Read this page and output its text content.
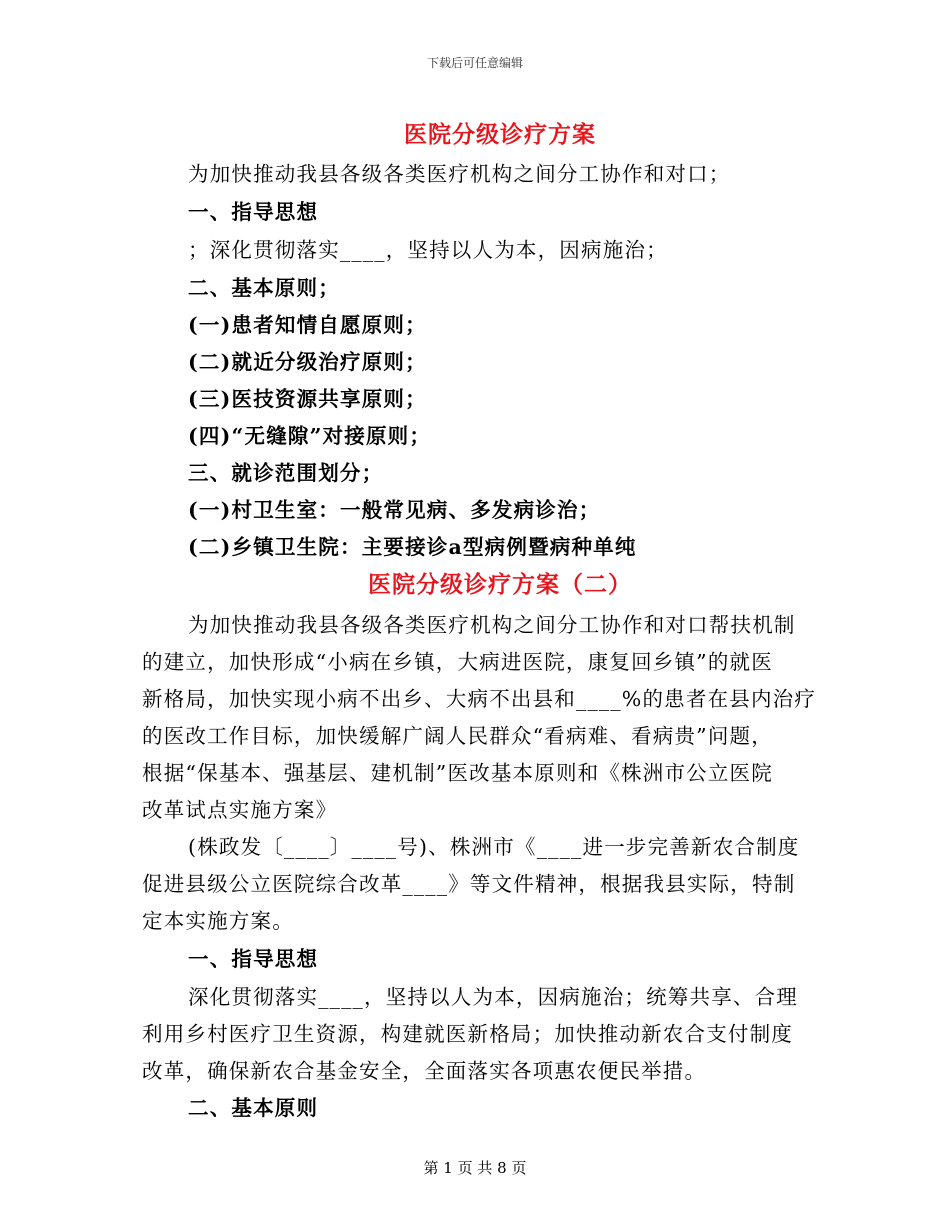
下载后可任意编辑
医院分级诊疗方案
为加快推动我县各级各类医疗机构之间分工协作和对口；
一、指导思想
；深化贯彻落实____，坚持以人为本，因病施治；
二、基本原则；
(一)患者知情自愿原则；
(二)就近分级治疗原则；
(三)医技资源共享原则；
(四)“无缝隙”对接原则；
三、就诊范围划分；
(一)村卫生室：一般常见病、多发病诊治；
(二)乡镇卫生院：主要接诊a型病例暨病种单纯
医院分级诊疗方案（二）
为加快推动我县各级各类医疗机构之间分工协作和对口帮扶机制
的建立，加快形成“小病在乡镇，大病进医院，康复回乡镇”的就医
新格局，加快实现小病不出乡、大病不出县和____%的患者在县内治疗
的医改工作目标，加快缓解广阔人民群众“看病难、看病贵”问题，
根据“保基本、强基层、建机制”医改基本原则和《株洲市公立医院
改革试点实施方案》
(株政发〔____〕____号)、株洲市《____进一步完善新农合制度
促进县级公立医院综合改革____》等文件精神，根据我县实际，特制
定本实施方案。
一、指导思想
深化贯彻落实____，坚持以人为本，因病施治；统筹共享、合理
利用乡村医疗卫生资源，构建就医新格局；加快推动新农合支付制度
改革，确保新农合基金安全，全面落实各项惠农便民举措。
二、基本原则
第 1 页 共 8 页
